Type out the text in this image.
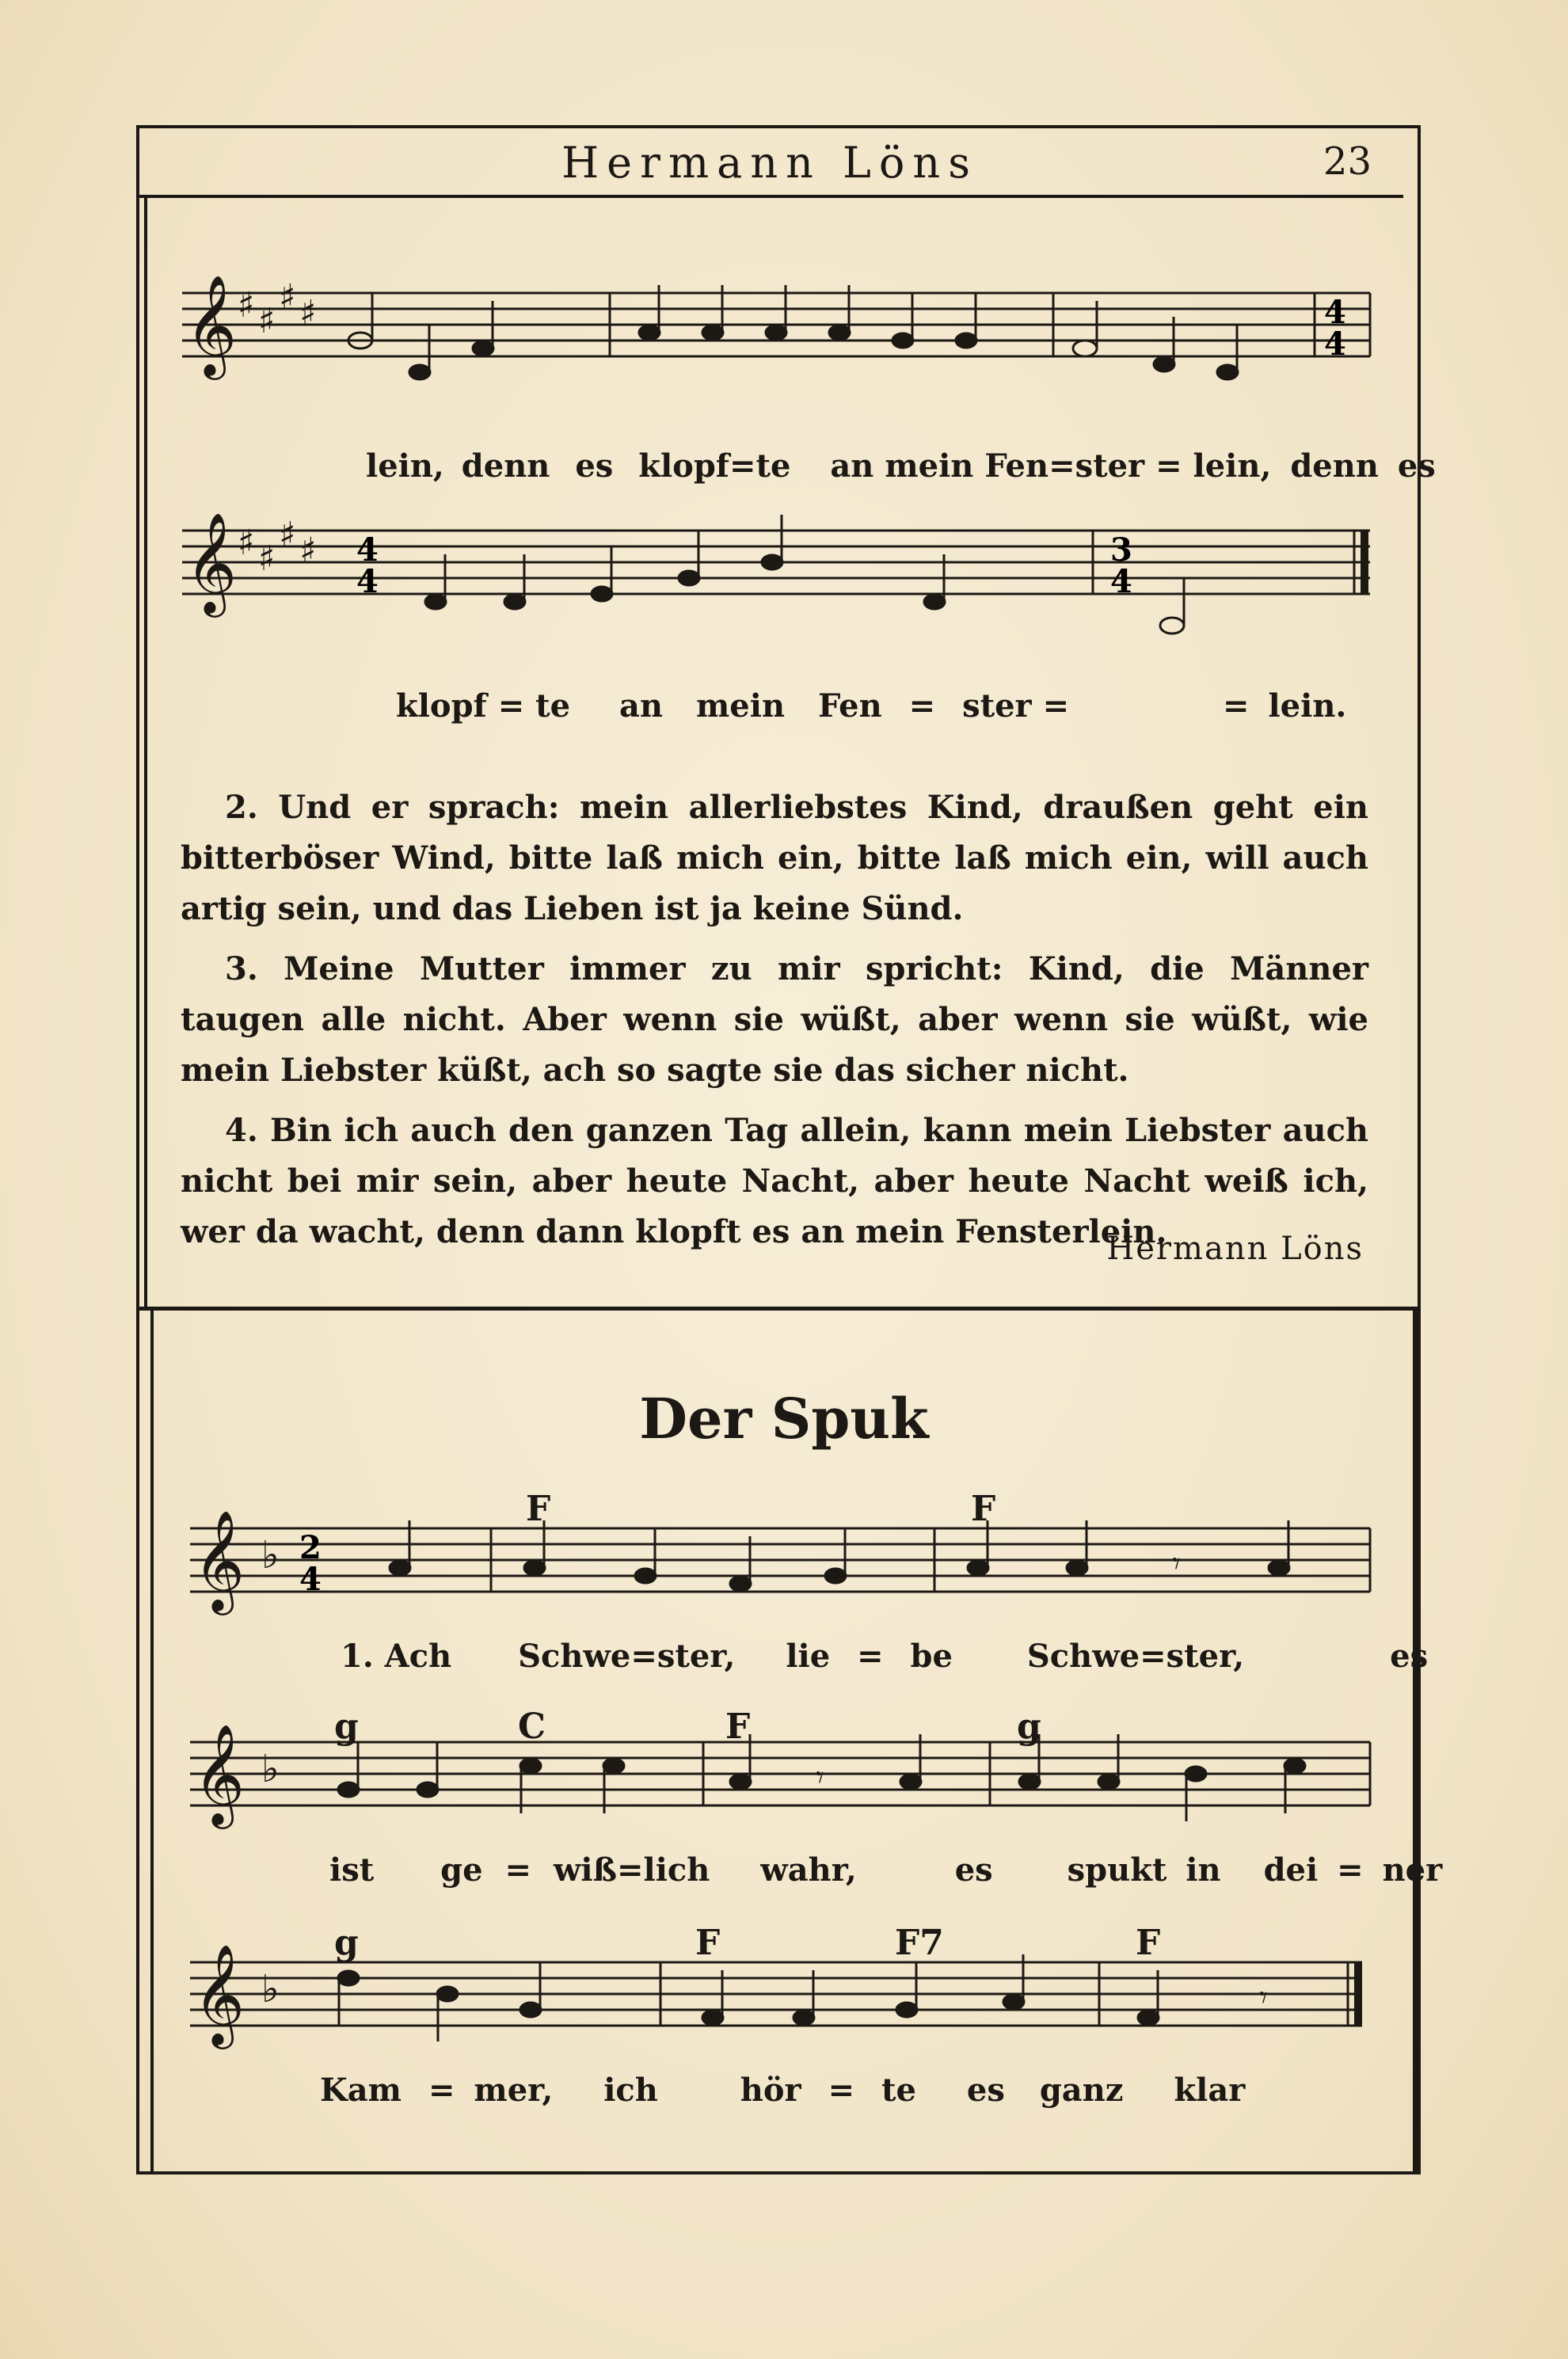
Hermann Löns	23
𝄞 ♯ ♯
♯ ♯	4
4
lein, denn es klopf=te an mein Fen=ster = lein, denn es
𝄞 ♯ ♯
♯ ♯ 4
4
3
4
klopf = te an mein Fen = ster =	= lein.
2. Und er sprach: mein allerliebstes Kind, draußen geht ein bitterböser Wind, bitte laß mich ein, bitte laß mich ein, will auch artig sein, und das Lieben ist ja keine Sünd.
3. Meine Mutter immer zu mir spricht: Kind, die Männer taugen alle nicht. Aber wenn sie wüßt, aber wenn sie wüßt, wie mein Liebster küßt, ach so sagte sie das sicher nicht.
4. Bin ich auch den ganzen Tag allein, kann mein Liebster auch nicht bei mir sein, aber heute Nacht, aber heute Nacht weiß ich, wer da wacht, denn dann klopft es an mein Fensterlein.
Hermann Löns
Der Spuk
F	F
𝄞 ♭ 2
4	𝄾
1. Ach Schwe=ster, lie = be Schwe=ster,	es
g	C	F	g
𝄞 ♭	𝄾
ist ge = wiß=lich wahr,	es spukt in dei = ner
g	F	F7	F
𝄞 ♭	𝄾
Kam = mer, ich	hör = te es ganz klar
